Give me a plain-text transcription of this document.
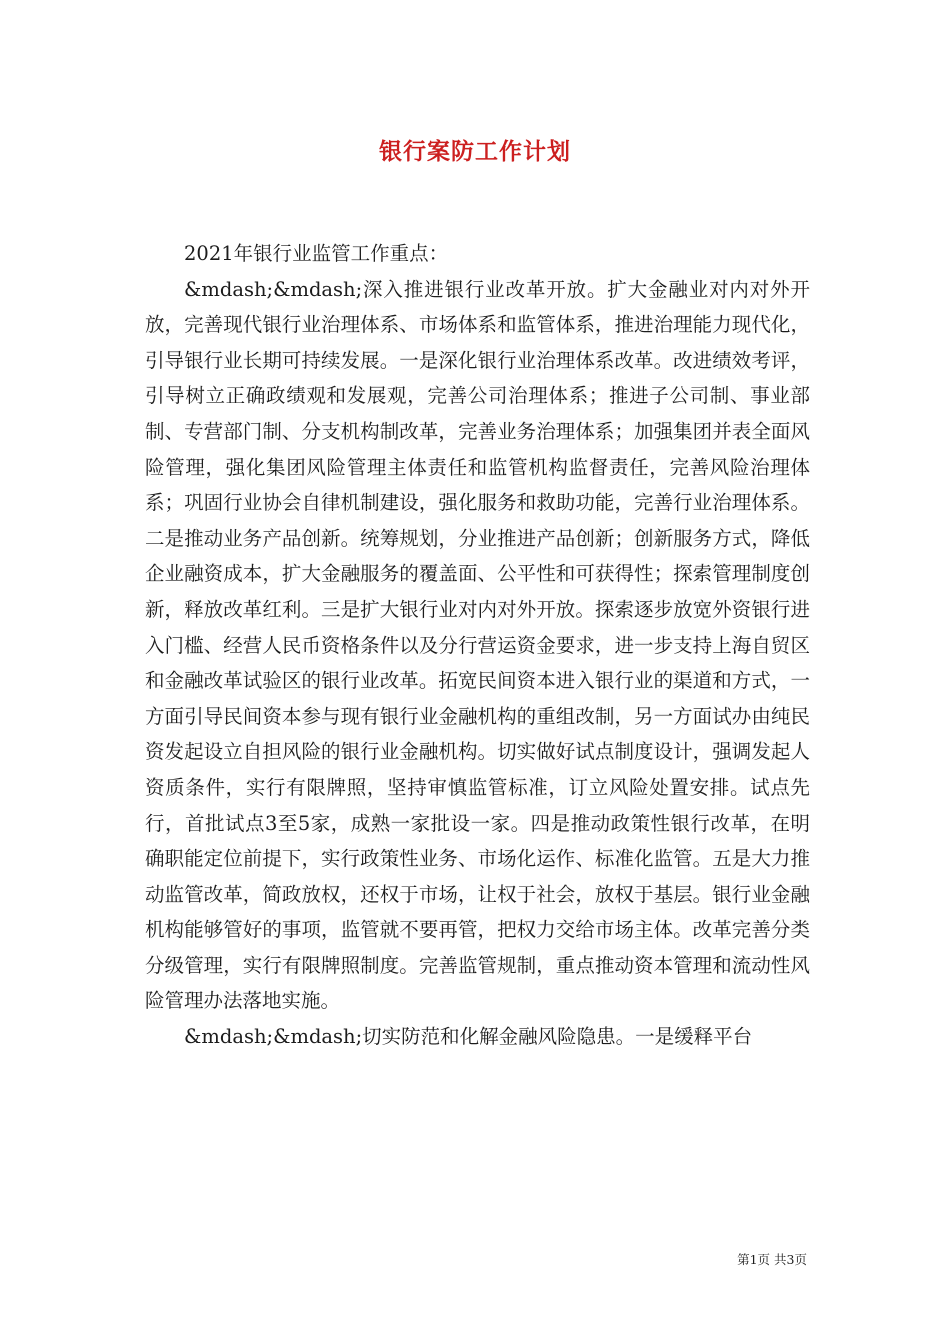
银行案防工作计划

2021年银行业监管工作重点：

&mdash;&mdash;深入推进银行业改革开放。扩大金融业对内对外开放，完善现代银行业治理体系、市场体系和监管体系，推进治理能力现代化，引导银行业长期可持续发展。一是深化银行业治理体系改革。改进绩效考评，引导树立正确政绩观和发展观，完善公司治理体系；推进子公司制、事业部制、专营部门制、分支机构制改革，完善业务治理体系；加强集团并表全面风险管理，强化集团风险管理主体责任和监管机构监督责任，完善风险治理体系；巩固行业协会自律机制建设，强化服务和救助功能，完善行业治理体系。二是推动业务产品创新。统筹规划，分业推进产品创新；创新服务方式，降低企业融资成本，扩大金融服务的覆盖面、公平性和可获得性；探索管理制度创新，释放改革红利。三是扩大银行业对内对外开放。探索逐步放宽外资银行进入门槛、经营人民币资格条件以及分行营运资金要求，进一步支持上海自贸区和金融改革试验区的银行业改革。拓宽民间资本进入银行业的渠道和方式，一方面引导民间资本参与现有银行业金融机构的重组改制，另一方面试办由纯民资发起设立自担风险的银行业金融机构。切实做好试点制度设计，强调发起人资质条件，实行有限牌照，坚持审慎监管标准，订立风险处置安排。试点先行，首批试点3至5家，成熟一家批设一家。四是推动政策性银行改革，在明确职能定位前提下，实行政策性业务、市场化运作、标准化监管。五是大力推动监管改革，简政放权，还权于市场，让权于社会，放权于基层。银行业金融机构能够管好的事项，监管就不要再管，把权力交给市场主体。改革完善分类分级管理，实行有限牌照制度。完善监管规制，重点推动资本管理和流动性风险管理办法落地实施。

&mdash;&mdash;切实防范和化解金融风险隐患。一是缓释平台

第1页 共3页
